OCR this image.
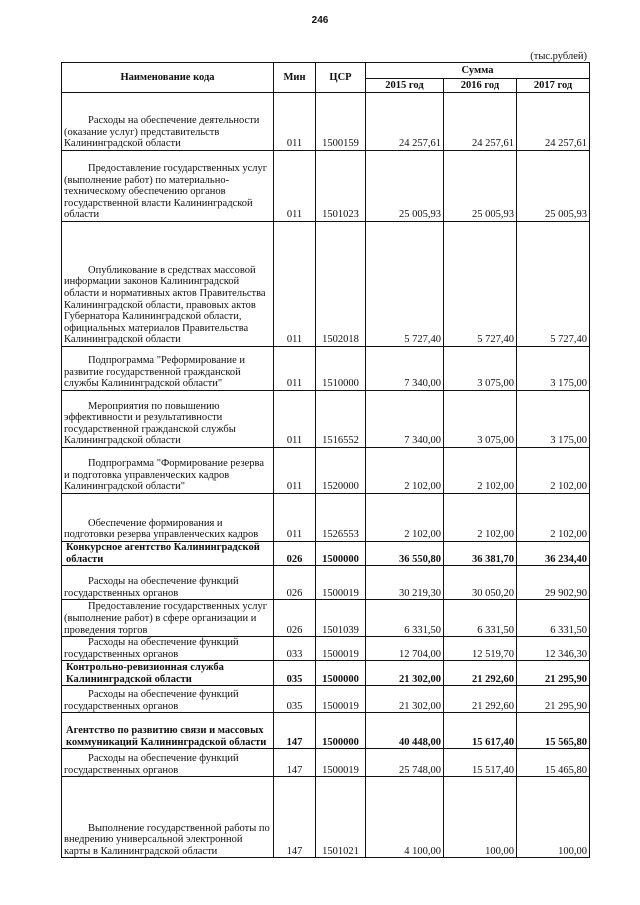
246
(тыс.рублей)
Наименование кода	Мин	ЦСР	Сумма		
			2015 год	2016 год	2017 год
Расходы на обеспечение деятельности (оказание услуг) представительств Калининградской области	011	1500159	24 257,61	24 257,61	24 257,61
Предоставление государственных услуг (выполнение работ) по материально-техническому обеспечению органов государственной власти Калининградской области	011	1501023	25 005,93	25 005,93	25 005,93
Опубликование в средствах массовой информации законов Калининградской области и нормативных актов Правительства Калининградской области, правовых актов Губернатора Калининградской области, официальных материалов Правительства Калининградской области	011	1502018	5 727,40	5 727,40	5 727,40
Подпрограмма "Реформирование и развитие государственной гражданской службы Калининградской области"	011	1510000	7 340,00	3 075,00	3 175,00
Мероприятия по повышению эффективности и результативности государственной гражданской службы Калининградской области	011	1516552	7 340,00	3 075,00	3 175,00
Подпрограмма "Формирование резерва и подготовка управленческих кадров Калининградской области"	011	1520000	2 102,00	2 102,00	2 102,00
Обеспечение формирования и подготовки резерва управленческих кадров	011	1526553	2 102,00	2 102,00	2 102,00
Конкурсное агентство Калининградской области	026	1500000	36 550,80	36 381,70	36 234,40
Расходы на обеспечение функций государственных органов	026	1500019	30 219,30	30 050,20	29 902,90
Предоставление государственных услуг (выполнение работ) в сфере организации и проведения торгов	026	1501039	6 331,50	6 331,50	6 331,50
Расходы на обеспечение функций государственных органов	033	1500019	12 704,00	12 519,70	12 346,30
Контрольно-ревизионная служба Калининградской области	035	1500000	21 302,00	21 292,60	21 295,90
Расходы на обеспечение функций государственных органов	035	1500019	21 302,00	21 292,60	21 295,90
Агентство по развитию связи и массовых коммуникаций Калининградской области	147	1500000	40 448,00	15 617,40	15 565,80
Расходы на обеспечение функций государственных органов	147	1500019	25 748,00	15 517,40	15 465,80
Выполнение государственной работы по внедрению универсальной электронной карты в Калининградской области	147	1501021	4 100,00	100,00	100,00
